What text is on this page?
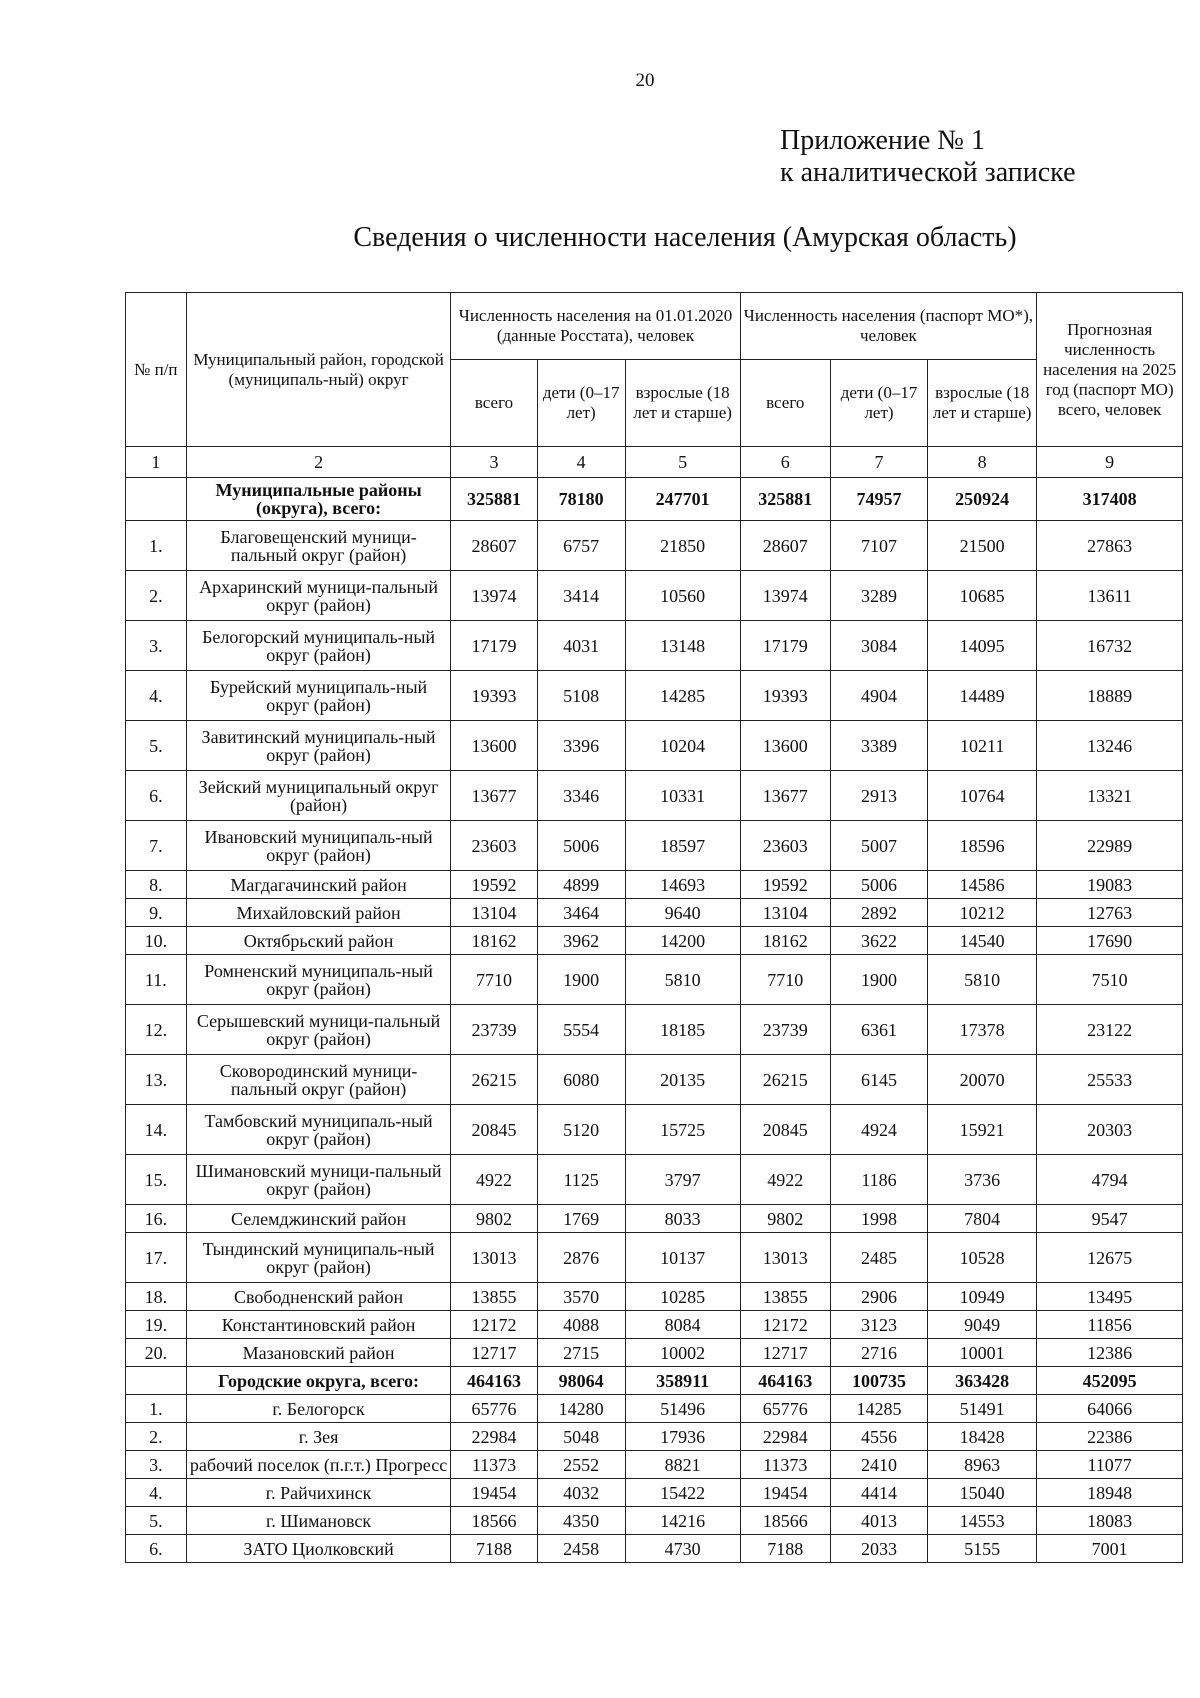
20
Приложение № 1
к аналитической записке
Сведения о численности населения (Амурская область)
№ п/п	Муниципальный район, городской (муниципаль-ный) округ	Численность населения на 01.01.2020 (данные Росстата), человек			Численность населения (паспорт МО*), человек			Прогнозная численность населения на 2025 год (паспорт МО) всего, человек
		всего	дети (0–17 лет)	взрослые (18 лет и старше)	всего	дети (0–17 лет)	взрослые (18 лет и старше)	
1	2	3	4	5	6	7	8	9
	Муниципальные районы (округа), всего:	325881	78180	247701	325881	74957	250924	317408
1.	Благовещенский муници-пальный округ (район)	28607	6757	21850	28607	7107	21500	27863
2.	Архаринский муници-пальный округ (район)	13974	3414	10560	13974	3289	10685	13611
3.	Белогорский муниципаль-ный округ (район)	17179	4031	13148	17179	3084	14095	16732
4.	Бурейский муниципаль-ный округ (район)	19393	5108	14285	19393	4904	14489	18889
5.	Завитинский муниципаль-ный округ (район)	13600	3396	10204	13600	3389	10211	13246
6.	Зейский муниципальный округ (район)	13677	3346	10331	13677	2913	10764	13321
7.	Ивановский муниципаль-ный округ (район)	23603	5006	18597	23603	5007	18596	22989
8.	Магдагачинский район	19592	4899	14693	19592	5006	14586	19083
9.	Михайловский район	13104	3464	9640	13104	2892	10212	12763
10.	Октябрьский район	18162	3962	14200	18162	3622	14540	17690
11.	Ромненский муниципаль-ный округ (район)	7710	1900	5810	7710	1900	5810	7510
12.	Серышевский муници-пальный округ (район)	23739	5554	18185	23739	6361	17378	23122
13.	Сковородинский муници-пальный округ (район)	26215	6080	20135	26215	6145	20070	25533
14.	Тамбовский муниципаль-ный округ (район)	20845	5120	15725	20845	4924	15921	20303
15.	Шимановский муници-пальный округ (район)	4922	1125	3797	4922	1186	3736	4794
16.	Селемджинский район	9802	1769	8033	9802	1998	7804	9547
17.	Тындинский муниципаль-ный округ (район)	13013	2876	10137	13013	2485	10528	12675
18.	Свободненский район	13855	3570	10285	13855	2906	10949	13495
19.	Константиновский район	12172	4088	8084	12172	3123	9049	11856
20.	Мазановский район	12717	2715	10002	12717	2716	10001	12386
	Городские округа, всего:	464163	98064	358911	464163	100735	363428	452095
1.	г. Белогорск	65776	14280	51496	65776	14285	51491	64066
2.	г. Зея	22984	5048	17936	22984	4556	18428	22386
3.	рабочий поселок (п.г.т.) Прогресс	11373	2552	8821	11373	2410	8963	11077
4.	г. Райчихинск	19454	4032	15422	19454	4414	15040	18948
5.	г. Шимановск	18566	4350	14216	18566	4013	14553	18083
6.	ЗАТО Циолковский	7188	2458	4730	7188	2033	5155	7001
